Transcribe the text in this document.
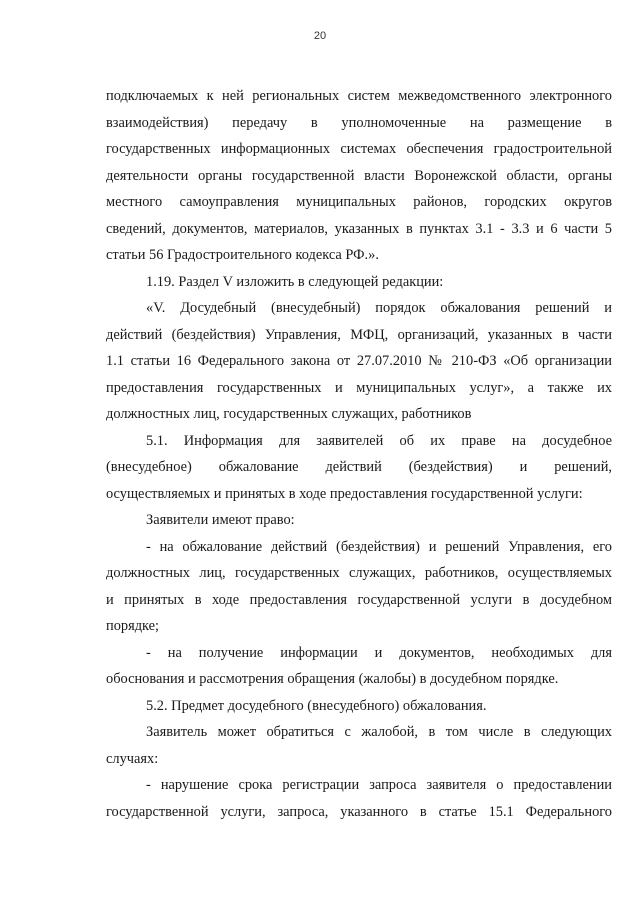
20
подключаемых к ней региональных систем межведомственного электронного
взаимодействия) передачу в уполномоченные на размещение в
государственных информационных системах обеспечения градостроительной
деятельности органы государственной власти Воронежской области, органы
местного самоуправления муниципальных районов, городских округов
сведений, документов, материалов, указанных в пунктах 3.1 - 3.3 и 6 части 5
статьи 56 Градостроительного кодекса РФ.».
1.19. Раздел V изложить в следующей редакции:
«V. Досудебный (внесудебный) порядок обжалования решений и
действий (бездействия) Управления, МФЦ, организаций, указанных в части
1.1 статьи 16 Федерального закона от 27.07.2010 № 210-ФЗ «Об организации
предоставления государственных и муниципальных услуг», а также их
должностных лиц, государственных служащих, работников
5.1. Информация для заявителей об их праве на досудебное
(внесудебное) обжалование действий (бездействия) и решений,
осуществляемых и принятых в ходе предоставления государственной услуги:
Заявители имеют право:
- на обжалование действий (бездействия) и решений Управления, его
должностных лиц, государственных служащих, работников, осуществляемых
и принятых в ходе предоставления государственной услуги в досудебном
порядке;
- на получение информации и документов, необходимых для
обоснования и рассмотрения обращения (жалобы) в досудебном порядке.
5.2. Предмет досудебного (внесудебного) обжалования.
Заявитель может обратиться с жалобой, в том числе в следующих
случаях:
- нарушение срока регистрации запроса заявителя о предоставлении
государственной услуги, запроса, указанного в статье 15.1 Федерального
